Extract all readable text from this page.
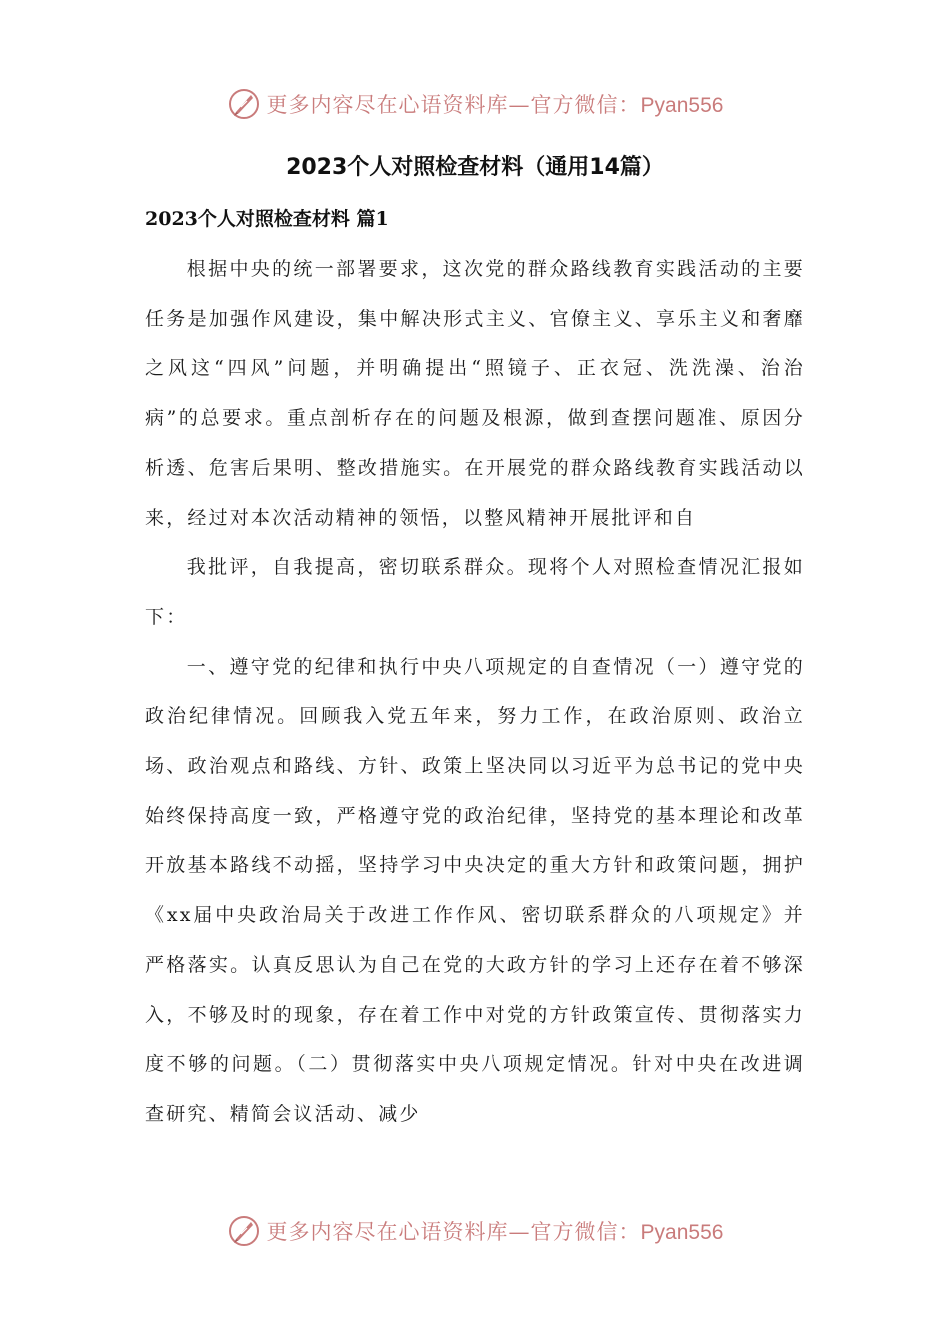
更多内容尽在心语资料库—官方微信：Pyan556
2023个人对照检查材料（通用14篇）
2023个人对照检查材料 篇1

根据中央的统一部署要求，这次党的群众路线教育实践活动的主要任务是加强作风建设，集中解决形式主义、官僚主义、享乐主义和奢靡之风这“四风”问题，并明确提出“照镜子、正衣冠、洗洗澡、治治病”的总要求。重点剖析存在的问题及根源，做到查摆问题准、原因分析透、危害后果明、整改措施实。在开展党的群众路线教育实践活动以来，经过对本次活动精神的领悟，以整风精神开展批评和自

我批评，自我提高，密切联系群众。现将个人对照检查情况汇报如下：

一、遵守党的纪律和执行中央八项规定的自查情况（一）遵守党的政治纪律情况。回顾我入党五年来，努力工作，在政治原则、政治立场、政治观点和路线、方针、政策上坚决同以习近平为总书记的党中央始终保持高度一致，严格遵守党的政治纪律，坚持党的基本理论和改革开放基本路线不动摇，坚持学习中央决定的重大方针和政策问题，拥护《xx届中央政治局关于改进工作作风、密切联系群众的八项规定》并严格落实。认真反思认为自己在党的大政方针的学习上还存在着不够深入，不够及时的现象，存在着工作中对党的方针政策宣传、贯彻落实力度不够的问题。（二）贯彻落实中央八项规定情况。针对中央在改进调查研究、精简会议活动、减少

更多内容尽在心语资料库—官方微信：Pyan556
